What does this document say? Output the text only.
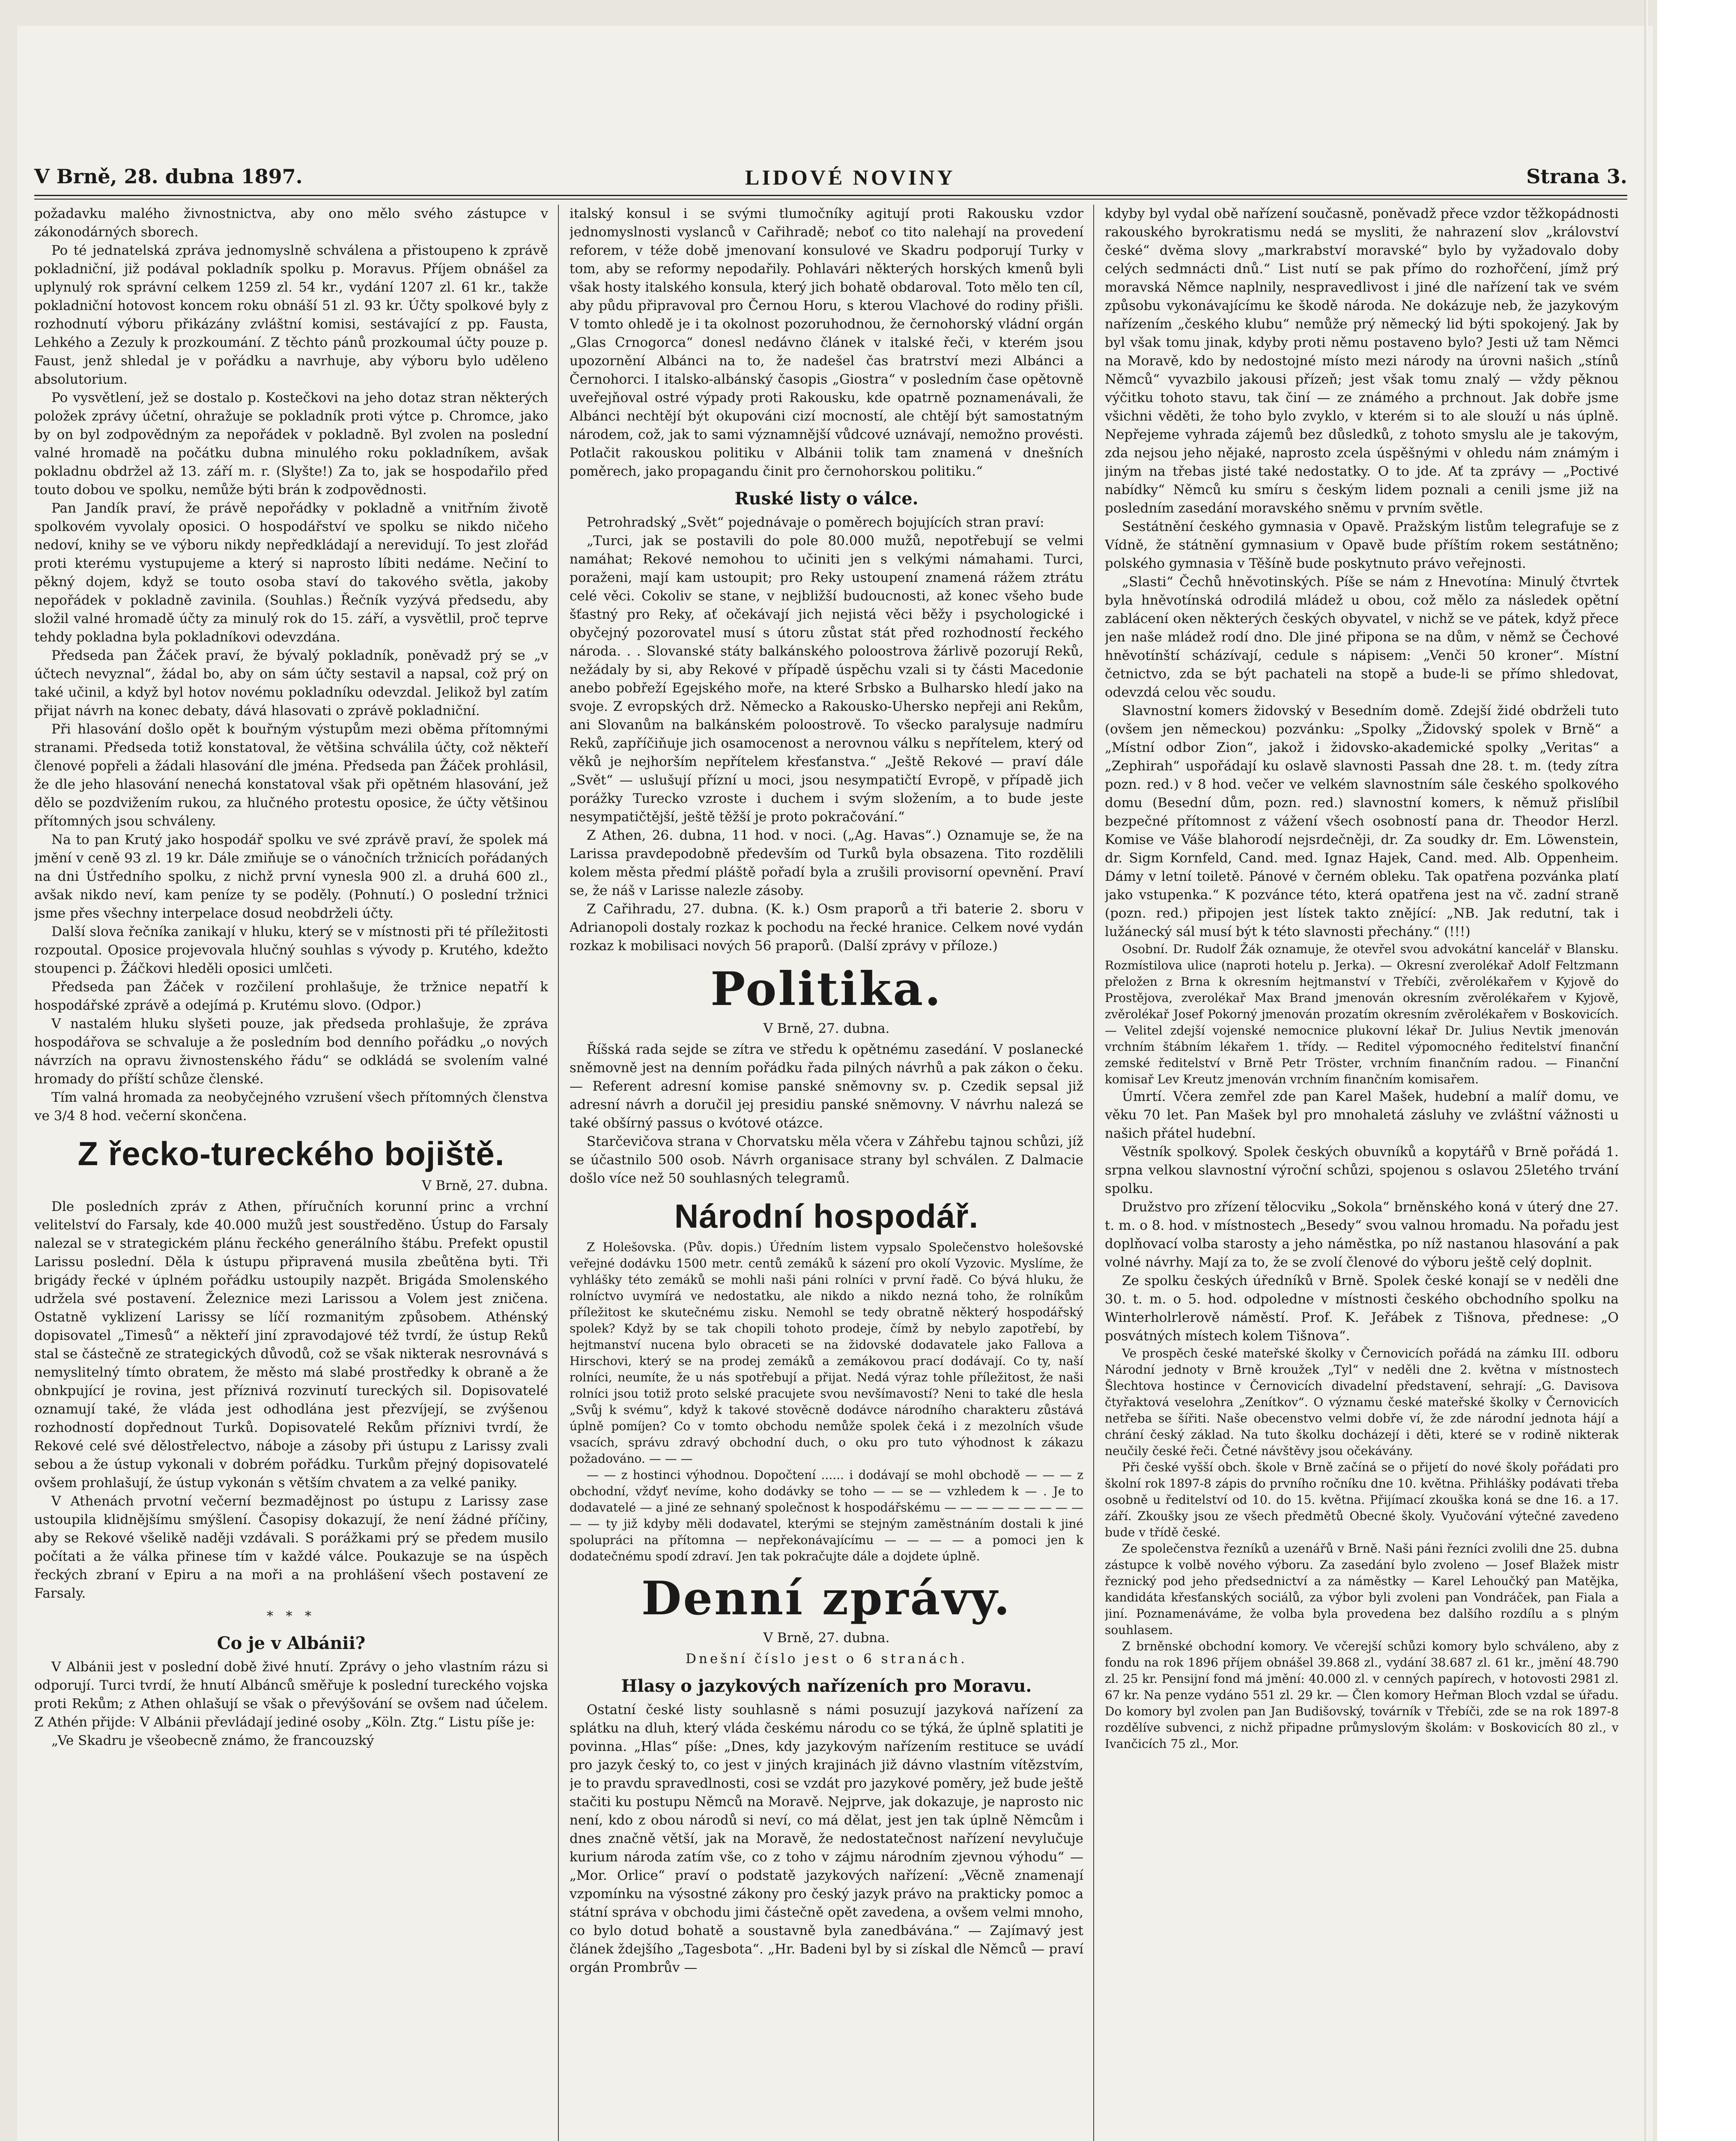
V Brně, 28. dubna 1897.	LIDOVÉ NOVINY	Strana 3.

požadavku malého živnostnictva, aby ono mělo svého zástupce v zákonodárných sborech.

Po té jednatelská zpráva jednomyslně schválena a přistoupeno k zprávě pokladniční, již podával pokladník spolku p. Moravus. Příjem obnášel za uplynulý rok správní celkem 1259 zl. 54 kr., vydání 1207 zl. 61 kr., takže pokladniční hotovost koncem roku obnáší 51 zl. 93 kr. Účty spolkové byly z rozhodnutí výboru přikázány zvláštní komisi, sestávající z pp. Fausta, Lehkého a Zezuly k prozkoumání. Z těchto pánů prozkoumal účty pouze p. Faust, jenž shledal je v pořádku a navrhuje, aby výboru bylo uděleno absolutorium.

Po vysvětlení, jež se dostalo p. Kostečkovi na jeho dotaz stran některých položek zprávy účetní, ohražuje se pokladník proti výtce p. Chromce, jako by on byl zodpovědným za nepořádek v pokladně. Byl zvolen na poslední valné hromadě na počátku dubna minulého roku pokladníkem, avšak pokladnu obdržel až 13. září m. r. (Slyšte!) Za to, jak se hospodařilo před touto dobou ve spolku, nemůže býti brán k zodpovědnosti.

Pan Jandík praví, že právě nepořádky v pokladně a vnitřním životě spolkovém vyvolaly oposici. O hospodářství ve spolku se nikdo ničeho nedoví, knihy se ve výboru nikdy nepředkládají a nerevidují. To jest zlořád proti kterému vystupujeme a který si naprosto líbiti nedáme. Nečiní to pěkný dojem, když se touto osoba staví do takového světla, jakoby nepořádek v pokladně zavinila. (Souhlas.) Řečník vyzývá předsedu, aby složil valné hromadě účty za minulý rok do 15. září, a vysvětlil, proč teprve tehdy pokladna byla pokladníkovi odevzdána.

Předseda pan Žáček praví, že bývalý pokladník, poněvadž prý se „v účtech nevyznal“, žádal bo, aby on sám účty sestavil a napsal, což prý on také učinil, a když byl hotov novému pokladníku odevzdal. Jelikož byl zatím přijat návrh na konec debaty, dává hlasovati o zprávě pokladniční.

Při hlasování došlo opět k bouřným výstupům mezi oběma přítomnými stranami. Předseda totiž konstatoval, že většina schválila účty, což někteří členové popřeli a žádali hlasování dle jména. Předseda pan Žáček prohlásil, že dle jeho hlasování nenechá konstatoval však při opětném hlasování, jež dělo se pozdvižením rukou, za hlučného protestu oposice, že účty většinou přítomných jsou schváleny.

Na to pan Krutý jako hospodář spolku ve své zprávě praví, že spolek má jmění v ceně 93 zl. 19 kr. Dále zmiňuje se o vánočních tržnicích pořádaných na dni Ústředního spolku, z nichž první vynesla 900 zl. a druhá 600 zl., avšak nikdo neví, kam peníze ty se poděly. (Pohnutí.) O poslední tržnici jsme přes všechny interpelace dosud neobdrželi účty.

Další slova řečníka zanikají v hluku, který se v místnosti při té příležitosti rozpoutal. Oposice projevovala hlučný souhlas s vývody p. Krutého, kdežto stoupenci p. Žáčkovi hleděli oposici umlčeti.

Předseda pan Žáček v rozčilení prohlašuje, že tržnice nepatří k hospodářské zprávě a odejímá p. Krutému slovo. (Odpor.)

V nastalém hluku slyšeti pouze, jak předseda prohlašuje, že zpráva hospodářova se schvaluje a že posledním bod denního pořádku „o nových návrzích na opravu živnostenského řádu“ se odkládá se svolením valné hromady do příští schůze členské.

Tím valná hromada za neobyčejného vzrušení všech přítomných členstva ve 3/4 8 hod. večerní skončena.

Z řecko-tureckého bojiště.

V Brně, 27. dubna.

Dle posledních zpráv z Athen, příručních korunní princ a vrchní velitelství do Farsaly, kde 40.000 mužů jest soustředěno. Ústup do Farsaly nalezal se v strategickém plánu řeckého generálního štábu. Prefekt opustil Larissu poslední. Děla k ústupu připravená musila zbeůtěna byti. Tři brigády řecké v úplném pořádku ustoupily nazpět. Brigáda Smolenského udržela své postavení. Železnice mezi Larissou a Volem jest zničena. Ostatně vyklizení Larissy se líčí rozmanitým způsobem. Athénský dopisovatel „Timesů“ a někteří jiní zpravodajové též tvrdí, že ústup Reků stal se částečně ze strategických důvodů, což se však nikterak nesrovnává s nemyslitelný tímto obratem, že město má slabé prostředky k obraně a že obnkpující je rovina, jest příznivá rozvinutí tureckých sil. Dopisovatelé oznamují také, že vláda jest odhodlána jest přezvíjejí, se zvýšenou rozhodností dopřednout Turků. Dopisovatelé Rekům příznivi tvrdí, že Rekové celé své dělostřelectvo, náboje a zásoby při ústupu z Larissy zvali sebou a že ústup vykonali v dobrém pořádku. Turkům přejný dopisovatelé ovšem prohlašují, že ústup vykonán s větším chvatem a za velké paniky.

V Athenách prvotní večerní bezmadějnost po ústupu z Larissy zase ustoupila klidnějšímu smýšlení. Časopisy dokazují, že není žádné příčiny, aby se Rekové všelikě naději vzdávali. S porážkami prý se předem musilo počítati a že válka přinese tím v každé válce. Poukazuje se na úspěch řeckých zbraní v Epiru a na moři a na prohlášení všech postavení ze Farsaly.

* * *

Co je v Albánii?

V Albánii jest v poslední době živé hnutí. Zprávy o jeho vlastním rázu si odporují. Turci tvrdí, že hnutí Albánců směřuje k poslední tureckého vojska proti Rekům; z Athen ohlašují se však o převýšování se ovšem nad účelem. Z Athén přijde: V Albánii převládají jediné osoby „Köln. Ztg.“ Listu píše je:

„Ve Skadru je všeobecně známo, že francouzský

italský konsul i se svými tlumočníky agitují proti Rakousku vzdor jednomyslnosti vyslanců v Cařihradě; neboť co tito nalehají na provedení reforem, v téže době jmenovaní konsulové ve Skadru podporují Turky v tom, aby se reformy nepodařily. Pohlavári některých horských kmenů byli však hosty italského konsula, který jich bohatě obdaroval. Toto mělo ten cíl, aby půdu připravoval pro Černou Horu, s kterou Vlachové do rodiny přišli. V tomto ohledě je i ta okolnost pozoruhodnou, že černohorský vládní orgán „Glas Crnogorca“ donesl nedávno článek v italské řeči, v kterém jsou upozornění Albánci na to, že nadešel čas bratrství mezi Albánci a Černohorci. I italsko-albánský časopis „Giostra“ v posledním čase opětovně uveřejňoval ostré výpady proti Rakousku, kde opatrně poznamenávali, že Albánci nechtějí být okupováni cizí mocností, ale chtějí být samostatným národem, což, jak to sami významnější vůdcové uznávají, nemožno provésti. Potlačit rakouskou politiku v Albánii tolik tam znamená v dnešních poměrech, jako propagandu činit pro černohorskou politiku.“

Ruské listy o válce.

Petrohradský „Svět“ pojednávaje o poměrech bojujících stran praví:

„Turci, jak se postavili do pole 80.000 mužů, nepotřebují se velmi namáhat; Rekové nemohou to učiniti jen s velkými námahami. Turci, poraženi, mají kam ustoupit; pro Reky ustoupení znamená rážem ztrátu celé věci. Cokoliv se stane, v nejbližší budoucnosti, až konec všeho bude šťastný pro Reky, ať očekávají jich nejistá věci běžy i psychologické i obyčejný pozorovatel musí s útoru zůstat stát před rozhodností řeckého národa. . . Slovanské státy balkánského poloostrova žárlivě pozorují Reků, nežádaly by si, aby Rekové v případě úspěchu vzali si ty části Macedonie anebo pobřeží Egejského moře, na které Srbsko a Bulharsko hledí jako na svoje. Z evropských drž. Německo a Rakousko-Uhersko nepřeji ani Rekům, ani Slovanům na balkánském poloostrově. To všecko paralysuje nadmíru Reků, zapříčiňuje jich osamocenost a nerovnou válku s nepřítelem, který od věků je nejhorším nepřítelem křesťanstva.“ „Ještě Rekové — praví dále „Svět“ — uslušují přízní u moci, jsou nesympatičtí Evropě, v případě jich porážky Turecko vzroste i duchem i svým složením, a to bude jeste nesympatičtější, ještě těžší je proto pokračování.“

Z Athen, 26. dubna, 11 hod. v noci. („Ag. Havas“.) Oznamuje se, že na Larissa pravdepodobně především od Turků byla obsazena. Tito rozdělili kolem města předmí pláště pořadí byla a zrušili provisorní opevnění. Praví se, že náš v Larisse nalezle zásoby.

Z Cařihradu, 27. dubna. (K. k.) Osm praporů a tři baterie 2. sboru v Adrianopoli dostaly rozkaz k pochodu na řecké hranice. Celkem nové vydán rozkaz k mobilisaci nových 56 praporů. (Další zprávy v příloze.)

Politika.

V Brně, 27. dubna.

Říšská rada sejde se zítra ve středu k opětnému zasedání. V poslanecké sněmovně jest na denním pořádku řada pilných návrhů a pak zákon o čeku. — Referent adresní komise panské sněmovny sv. p. Czedik sepsal již adresní návrh a doručil jej presidiu panské sněmovny. V návrhu nalezá se také obšírný passus o kvótové otázce.

Starčevičova strana v Chorvatsku měla včera v Záhřebu tajnou schůzi, jíž se účastnilo 500 osob. Návrh organisace strany byl schválen. Z Dalmacie došlo více než 50 souhlasných telegramů.

Národní hospodář.

Z Holešovska. (Pův. dopis.) Úředním listem vypsalo Společenstvo holešovské veřejné dodávku 1500 metr. centů zemáků k sázení pro okolí Vyzovic. Myslíme, že vyhlášky této zemáků se mohli naši páni rolníci v první řadě. Co bývá hluku, že rolníctvo uvymírá ve nedostatku, ale nikdo a nikdo nezná toho, že rolníkům příležitost ke skutečnému zisku. Nemohl se tedy obratně některý hospodářský spolek? Když by se tak chopili tohoto prodeje, čímž by nebylo zapotřebí, by hejtmanství nucena bylo obraceti se na židovské dodavatele jako Fallova a Hirschovi, který se na prodej zemáků a zemákovou prací dodávají. Co ty, naší rolníci, neumíte, že u nás spotřebují a přijat. Nedá výraz tohle příležitost, že naši rolníci jsou totiž proto selské pracujete svou nevšímavostí? Neni to také dle hesla „Svůj k svému“, když k takové stověcně dodávce národního charakteru zůstává úplně pomíjen? Co v tomto obchodu nemůže spolek čeká i z mezolních všude vsacích, správu zdravý obchodní duch, o oku pro tuto výhodnost k zákazu požadováno. — — —

— — z hostinci výhodnou. Dopočtení ...... i dodávají se mohl obchodě — — — z obchodní, vždyť nevíme, koho dodávky se toho — — se — vzhledem k — . Je to dodavatelé — a jiné ze sehnaný společnost k hospodářskému — — — — — — — — — — — ty již kdyby měli dodavatel, kterými se stejným zaměstnáním dostali k jiné spolupráci na přítomna — nepřekonávajícímu — — — — a pomoci jen k dodatečnému spodí zdraví. Jen tak pokračujte dále a dojdete úplně.

Denní zprávy.

V Brně, 27. dubna.

Dnešní číslo jest o 6 stranách.

Hlasy o jazykových nařízeních pro Moravu.

Ostatní české listy souhlasně s námi posuzují jazyková nařízení za splátku na dluh, který vláda českému národu co se týká, že úplně splatiti je povinna. „Hlas“ píše: „Dnes, kdy jazykovým nařízením restituce se uvádí pro jazyk český to, co jest v jiných krajinách již dávno vlastním vítězstvím, je to pravdu spravedlnosti, cosi se vzdát pro jazykové poměry, jež bude ještě stačiti ku postupu Němců na Moravě. Nejprve, jak dokazuje, je naprosto nic není, kdo z obou národů si neví, co má dělat, jest jen tak úplně Němcům i dnes značně větší, jak na Moravě, že nedostatečnost nařízení nevylučuje kurium národa zatím vše, co z toho v zájmu národním zjevnou výhodu“ — „Mor. Orlice“ praví o podstatě jazykových nařízení: „Věcně znamenají vzpomínku na výsostné zákony pro český jazyk právo na prakticky pomoc a státní správa v obchodu jimi částečně opět zavedena, a ovšem velmi mnoho, co bylo dotud bohatě a soustavně byla zanedbávána.“ — Zajímavý jest článek ždejšího „Tagesbota“. „Hr. Badeni byl by si získal dle Němců — praví orgán Prombrův —

kdyby byl vydal obě nařízení současně, poněvadž přece vzdor těžkopádnosti rakouského byrokratismu nedá se mysliti, že nahrazení slov „království české“ dvěma slovy „markrabství moravské“ bylo by vyžadovalo doby celých sedmnácti dnů.“ List nutí se pak přímo do rozhořčení, jímž prý moravská Němce naplnily, nespravedlivost i jiné dle nařízení tak ve svém způsobu vykonávajícímu ke škodě národa. Ne dokázuje neb, že jazykovým nařízením „českého klubu“ nemůže prý německý lid býti spokojený. Jak by byl však tomu jinak, kdyby proti němu postaveno bylo? Jesti už tam Němci na Moravě, kdo by nedostojné místo mezi národy na úrovni našich „stínů Němců“ vyvazbilo jakousi přízeň; jest však tomu znalý — vždy pěknou výčitku tohoto stavu, tak činí — ze známého a prchnout. Jak dobře jsme všichni věděti, že toho bylo zvyklo, v kterém si to ale slouží u nás úplně. Nepřejeme vyhrada zájemů bez důsledků, z tohoto smyslu ale je takovým, zda nejsou jeho nějaké, naprosto zcela úspěšnými v ohledu nám známým i jiným na třebas jisté také nedostatky. O to jde. Ať ta zprávy — „Poctivé nabídky“ Němců ku smíru s českým lidem poznali a cenili jsme již na posledním zasedání moravského sněmu v prvním světle.

Sestátnění českého gymnasia v Opavě. Pražským listům telegrafuje se z Vídně, že státnění gymnasium v Opavě bude příštím rokem sestátněno; polského gymnasia v Těšíně bude poskytnuto právo veřejnosti.

„Slasti“ Čechů hněvotinských. Píše se nám z Hnevotína: Minulý čtvrtek byla hněvotínská odrodilá mládež u obou, což mělo za následek opětní zablácení oken některých českých obyvatel, v nichž se ve pátek, když přece jen naše mládež rodí dno. Dle jiné připona se na dům, v němž se Čechové hněvotínští scházívají, cedule s nápisem: „Venči 50 kroner“. Místní četnictvo, zda se být pachateli na stopě a bude-li se přímo shledovat, odevzdá celou věc soudu.

Slavnostní komers židovský v Besedním domě. Zdejší židé obdrželi tuto (ovšem jen německou) pozvánku: „Spolky „Židovský spolek v Brně“ a „Místní odbor Zion“, jakož i židovsko-akademické spolky „Veritas“ a „Zephirah“ uspořádají ku oslavě slavnosti Passah dne 28. t. m. (tedy zítra pozn. red.) v 8 hod. večer ve velkém slavnostním sále českého spolkového domu (Besední dům, pozn. red.) slavnostní komers, k němuž přislíbil bezpečné přítomnost z vážení všech osobností pana dr. Theodor Herzl. Komise ve Váše blahorodí nejsrdečněji, dr. Za soudky dr. Em. Löwenstein, dr. Sigm Kornfeld, Cand. med. Ignaz Hajek, Cand. med. Alb. Oppenheim. Dámy v letní toiletě. Pánové v černém obleku. Tak opatřena pozvánka platí jako vstupenka.“ K pozvánce této, která opatřena jest na vč. zadní straně (pozn. red.) připojen jest lístek takto znějící: „NB. Jak redutní, tak i lužánecký sál musí být k této slavnosti přechány.“ (!!!)

Osobní. Dr. Rudolf Žák oznamuje, že otevřel svou advokátní kancelář v Blansku. Rozmístilova ulice (naproti hotelu p. Jerka). — Okresní zverolékař Adolf Feltzmann přeložen z Brna k okresním hejtmanství v Třebíči, zvěrolékařem v Kyjově do Prostějova, zverolékař Max Brand jmenován okresním zvěrolékařem v Kyjově, zvěrolékař Josef Pokorný jmenován prozatím okresním zvěrolékařem v Boskovicích. — Velitel zdejší vojenské nemocnice plukovní lékař Dr. Julius Nevtik jmenován vrchním štábním lékařem 1. třídy. — Reditel výpomocného ředitelství finanční zemské ředitelství v Brně Petr Tröster, vrchním finančním radou. — Finanční komisař Lev Kreutz jmenován vrchním finančním komisařem.

Úmrtí. Včera zemřel zde pan Karel Mašek, hudební a malíř domu, ve věku 70 let. Pan Mašek byl pro mnohaletá zásluhy ve zvláštní vážnosti u našich přátel hudební.

Věstník spolkový. Spolek českých obuvníků a kopytářů v Brně pořádá 1. srpna velkou slavnostní výroční schůzi, spojenou s oslavou 25letého trvání spolku.

Družstvo pro zřízení tělocviku „Sokola“ brněnského koná v úterý dne 27. t. m. o 8. hod. v místnostech „Besedy“ svou valnou hromadu. Na pořadu jest doplňovací volba starosty a jeho náměstka, po níž nastanou hlasování a pak volné návrhy. Mají za to, že se zvolí členové do výboru ještě celý doplnit.

Ze spolku českých úředníků v Brně. Spolek české konají se v neděli dne 30. t. m. o 5. hod. odpoledne v místnosti českého obchodního spolku na Winterholrlerově náměstí. Prof. K. Jeřábek z Tišnova, přednese: „O posvátných místech kolem Tišnova“.

Ve prospěch české mateřské školky v Černovicích pořádá na zámku III. odboru Národní jednoty v Brně kroužek „Tyl“ v neděli dne 2. května v místnostech Šlechtova hostince v Černovicích divadelní představení, sehrají: „G. Davisova čtyřaktová veselohra „Zenítkov“. O významu české mateřské školky v Černovicích netřeba se šířiti. Naše obecenstvo velmi dobře ví, že zde národní jednota hájí a chrání český základ. Na tuto školku docházejí i děti, které se v rodině nikterak neučily české řeči. Četné návštěvy jsou očekávány.

Při české vyšší obch. škole v Brně začíná se o přijetí do nové školy pořádati pro školní rok 1897-8 zápis do prvního ročníku dne 10. května. Přihlášky podávati třeba osobně u ředitelství od 10. do 15. května. Přijímací zkouška koná se dne 16. a 17. září. Zkoušky jsou ze všech předmětů Obecné školy. Vyučování výtečné zavedeno bude v třídě české.

Ze společenstva řezníků a uzenářů v Brně. Naši páni řezníci zvolili dne 25. dubna zástupce k volbě nového výboru. Za zasedání bylo zvoleno — Josef Blažek mistr řeznický pod jeho předsednictví a za náměstky — Karel Lehoučký pan Matějka, kandidáta křesťanských sociálů, za výbor byli zvoleni pan Vondráček, pan Fiala a jiní. Poznamenáváme, že volba byla provedena bez dalšího rozdílu a s plným souhlasem.

Z brněnské obchodní komory. Ve včerejší schůzi komory bylo schváleno, aby z fondu na rok 1896 příjem obnášel 39.868 zl., vydání 38.687 zl. 61 kr., jmění 48.790 zl. 25 kr. Pensijní fond má jmění: 40.000 zl. v cenných papírech, v hotovosti 2981 zl. 67 kr. Na penze vydáno 551 zl. 29 kr. — Člen komory Heřman Bloch vzdal se úřadu. Do komory byl zvolen pan Jan Budišovský, továrník v Třebíči, zde se na rok 1897-8 rozdělíve subvenci, z nichž připadne průmyslovým školám: v Boskovicích 80 zl., v Ivančicích 75 zl., Mor.
